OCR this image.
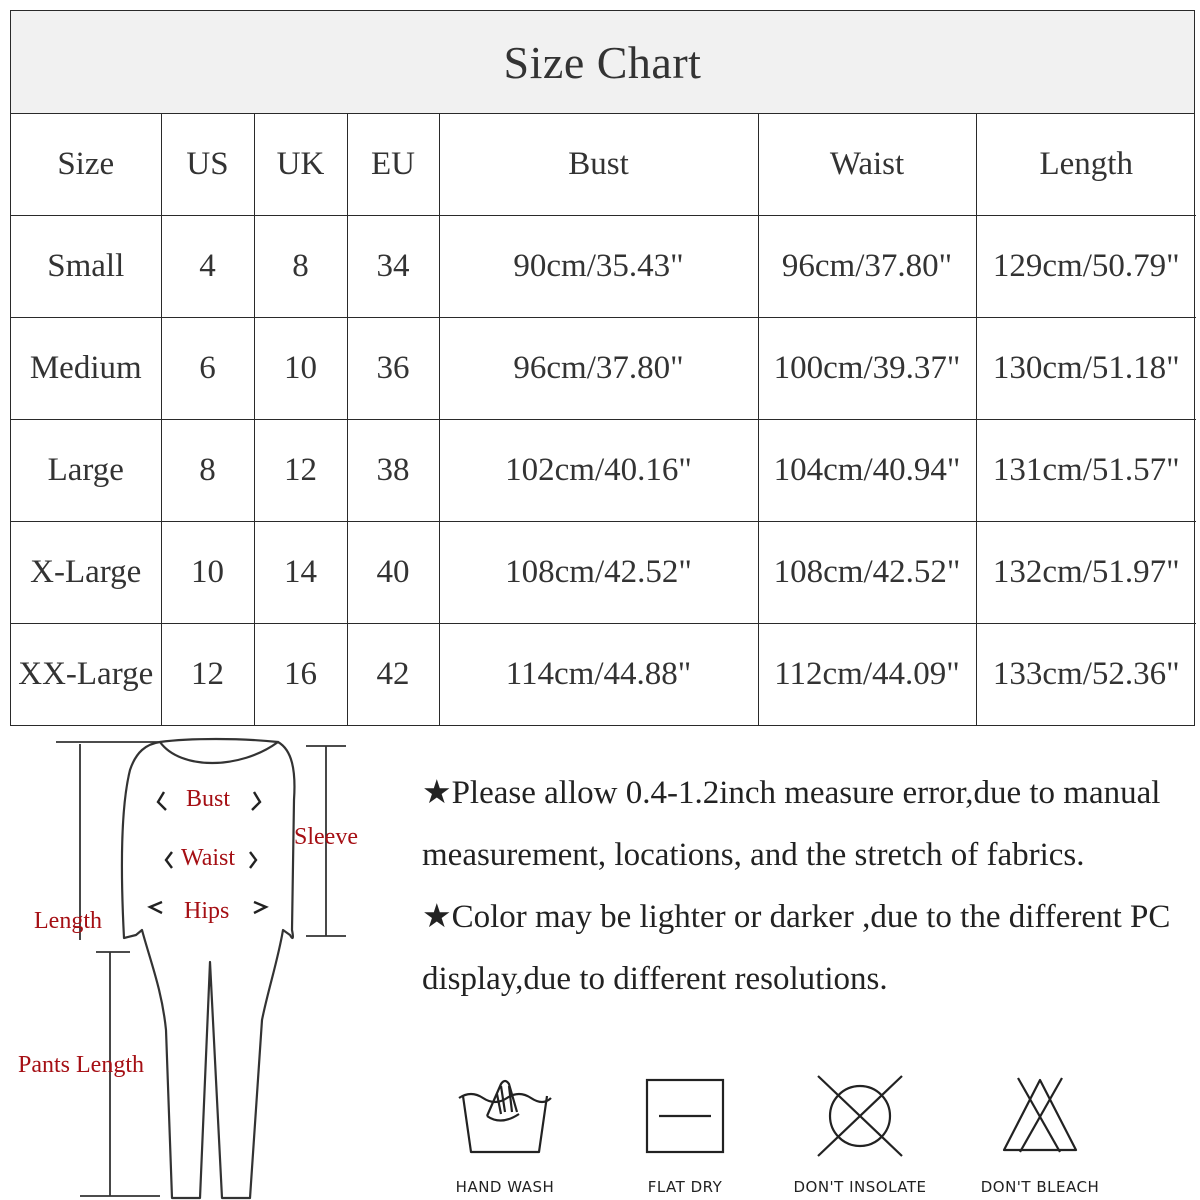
Size Chart
Size	US	UK	EU	Bust	Waist	Length
Small	4	8	34	90cm/35.43"	96cm/37.80"	129cm/50.79"
Medium	6	10	36	96cm/37.80"	100cm/39.37"	130cm/51.18"
Large	8	12	38	102cm/40.16"	104cm/40.94"	131cm/51.57"
X-Large	10	14	40	108cm/42.52"	108cm/42.52"	132cm/51.97"
XX-Large	12	16	42	114cm/44.88"	112cm/44.09"	133cm/52.36"
Bust
Waist
Hips
Sleeve
Length
Pants Length

★Please allow 0.4-1.2inch measure error,due to manual measurement, locations, and the stretch of fabrics.

★Color may be lighter or darker ,due to the different PC display,due to different resolutions.

HAND WASH	FLAT DRY	DON'T INSOLATE	DON'T BLEACH
